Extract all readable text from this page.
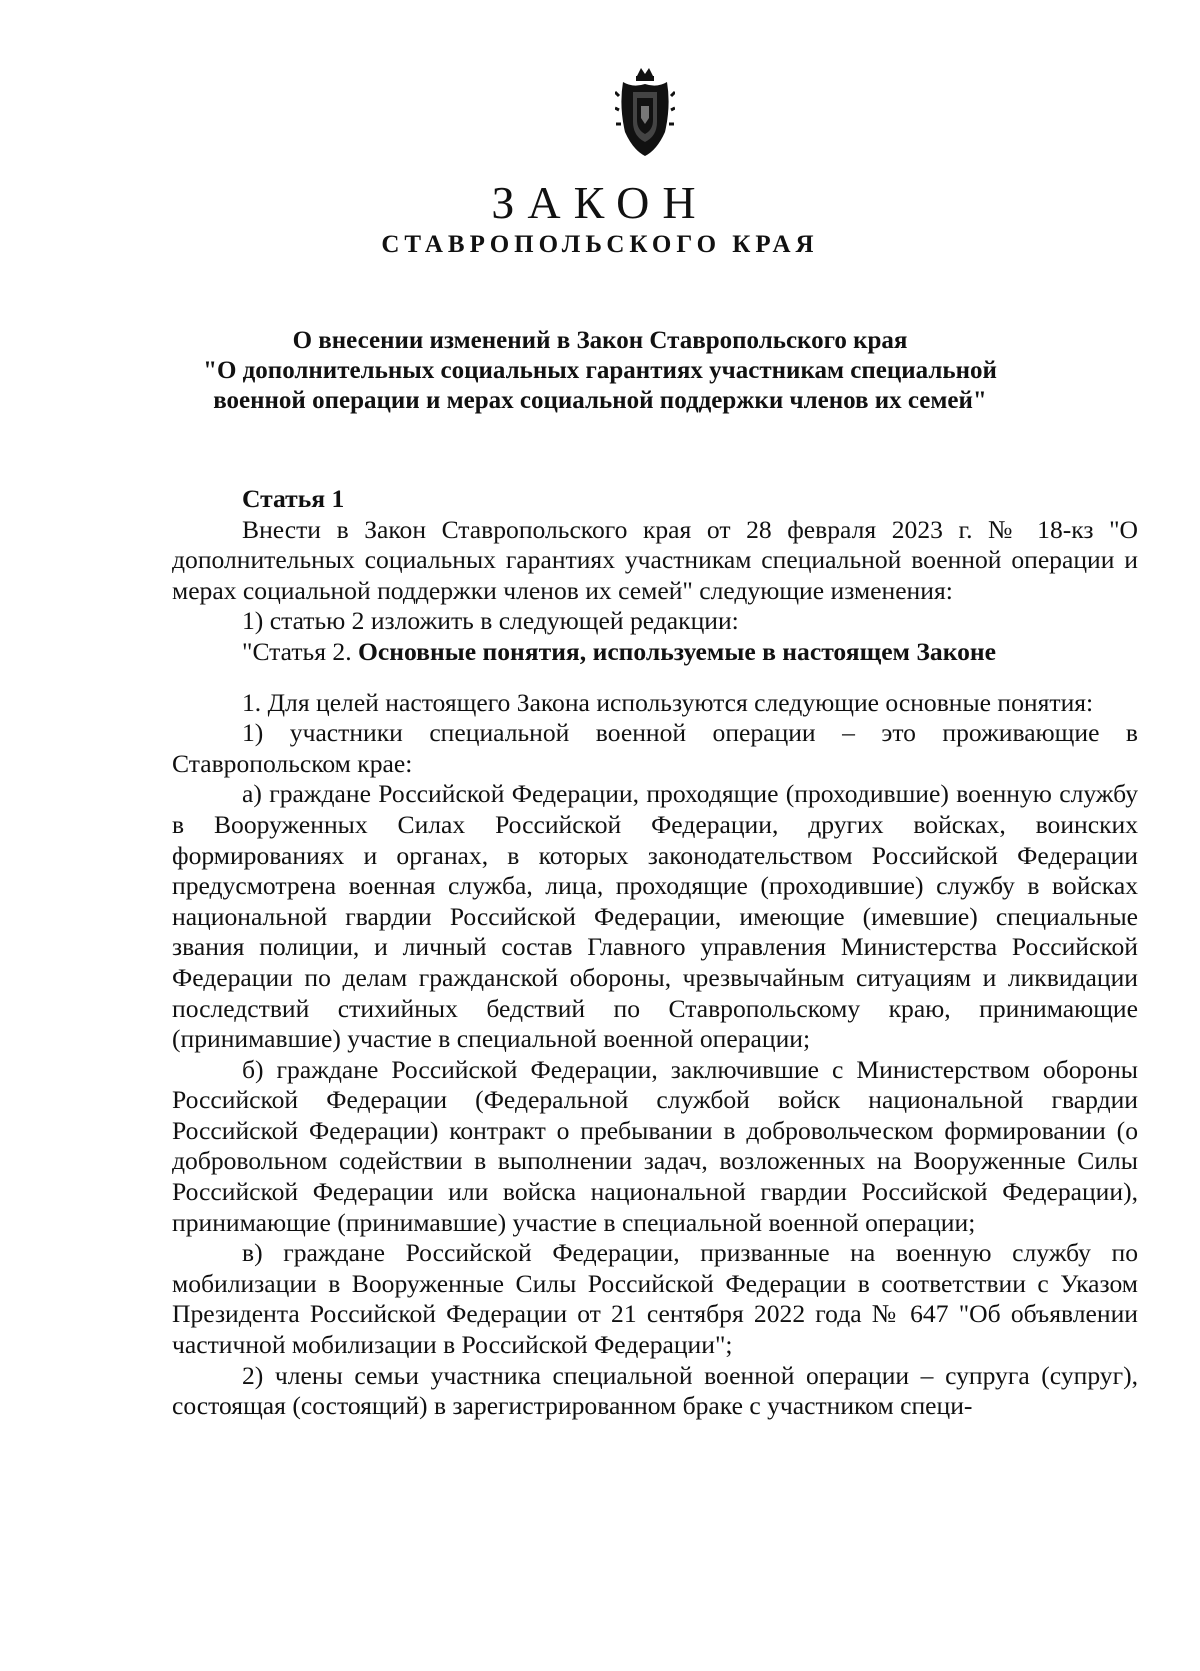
ЗАКОН
СТАВРОПОЛЬСКОГО КРАЯ
О внесении изменений в Закон Ставропольского края
"О дополнительных социальных гарантиях участникам специальной
военной операции и мерах социальной поддержки членов их семей"

Статья 1

Внести в Закон Ставропольского края от 28 февраля 2023 г. № 18-кз "О дополнительных социальных гарантиях участникам специальной военной операции и мерах социальной поддержки членов их семей" следующие изменения:

1) статью 2 изложить в следующей редакции:

"Статья 2. Основные понятия, используемые в настоящем Законе

1. Для целей настоящего Закона используются следующие основные понятия:

1) участники специальной военной операции – это проживающие в Ставропольском крае:

а) граждане Российской Федерации, проходящие (проходившие) военную службу в Вооруженных Силах Российской Федерации, других войсках, воинских формированиях и органах, в которых законодательством Российской Федерации предусмотрена военная служба, лица, проходящие (проходившие) службу в войсках национальной гвардии Российской Федерации, имеющие (имевшие) специальные звания полиции, и личный состав Главного управления Министерства Российской Федерации по делам гражданской обороны, чрезвычайным ситуациям и ликвидации последствий стихийных бедствий по Ставропольскому краю, принимающие (принимавшие) участие в специальной военной операции;

б) граждане Российской Федерации, заключившие с Министерством обороны Российской Федерации (Федеральной службой войск национальной гвардии Российской Федерации) контракт о пребывании в добровольческом формировании (о добровольном содействии в выполнении задач, возложенных на Вооруженные Силы Российской Федерации или войска национальной гвардии Российской Федерации), принимающие (принимавшие) участие в специальной военной операции;

в) граждане Российской Федерации, призванные на военную службу по мобилизации в Вооруженные Силы Российской Федерации в соответствии с Указом Президента Российской Федерации от 21 сентября 2022 года № 647 "Об объявлении частичной мобилизации в Российской Федерации";

2) члены семьи участника специальной военной операции – супруга (супруг), состоящая (состоящий) в зарегистрированном браке с участником специ-
